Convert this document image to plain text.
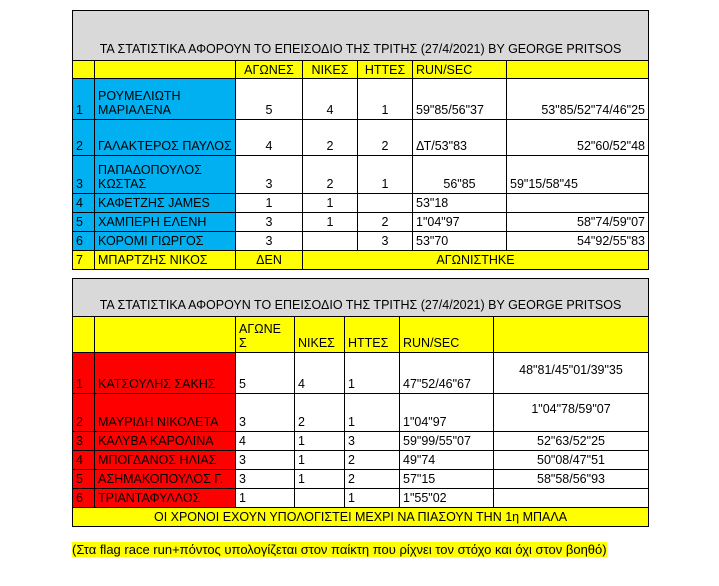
ΤΑ ΣΤΑΤΙΣΤΙΚΑ ΑΦΟΡΟΥΝ ΤΟ ΕΠΕΙΣΟΔΙΟ ΤΗΣ ΤΡΙΤΗΣ (27/4/2021) BY GEORGE PRITSOS						
		ΑΓΩΝΕΣ	ΝΙΚΕΣ	ΗΤΤΕΣ	RUN/SEC	
1	ΡΟΥΜΕΛΙΩΤΗ ΜΑΡΙΑΛΕΝΑ	5	4	1	59"85/56"37	53"85/52"74/46"25
2	ΓΑΛΑΚΤΕΡΟΣ ΠΑΥΛΟΣ	4	2	2	ΔΤ/53"83	52"60/52"48
3	ΠΑΠΑΔΟΠΟΥΛΟΣ ΚΩΣΤΑΣ	3	2	1	56"85	59"15/58"45
4	ΚΑΦΕΤΖΗΣ JAMES	1	1		53"18	
5	ΧΑΜΠΕΡΗ ΕΛΕΝΗ	3	1	2	1"04"97	58"74/59"07
6	ΚΟΡΟΜΙ ΓΙΩΡΓΟΣ	3		3	53"70	54"92/55"83
7	ΜΠΑΡΤΖΗΣ ΝΙΚΟΣ	ΔΕΝ	ΑΓΩΝΙΣΤΗΚΕ			
ΤΑ ΣΤΑΤΙΣΤΙΚΑ ΑΦΟΡΟΥΝ ΤΟ ΕΠΕΙΣΟΔΙΟ ΤΗΣ ΤΡΙΤΗΣ (27/4/2021) BY GEORGE PRITSOS						
		ΑΓΩΝΕ Σ	ΝΙΚΕΣ	ΗΤΤΕΣ	RUN/SEC	
1	ΚΑΤΣΟΥΛΗΣ ΣΑΚΗΣ	5	4	1	47"52/46"67	48"81/45"01/39"35
2	ΜΑΥΡΙΔΗ ΝΙΚΟΛΕΤΑ	3	2	1	1"04"97	1"04"78/59"07
3	ΚΑΛΥΒΑ ΚΑΡΟΛΙΝΑ	4	1	3	59"99/55"07	52"63/52"25
4	ΜΠΟΓΔΑΝΟΣ ΗΛΙΑΣ	3	1	2	49"74	50"08/47"51
5	ΑΣΗΜΑΚΟΠΟΥΛΟΣ Γ.	3	1	2	57"15	58"58/56"93
6	ΤΡΙΑΝΤΑΦΥΛΛΟΣ	1		1	1"55"02	
ΟΙ ΧΡΟΝΟΙ ΕΧΟΥΝ ΥΠΟΛΟΓΙΣΤΕΙ ΜΕΧΡΙ ΝΑ ΠΙΑΣΟΥΝ ΤΗΝ 1η ΜΠΑΛΑ						
(Στα flag race run+πόντος υπολογίζεται στον παίκτη που ρίχνει τον στόχο και όχι στον βοηθό)
